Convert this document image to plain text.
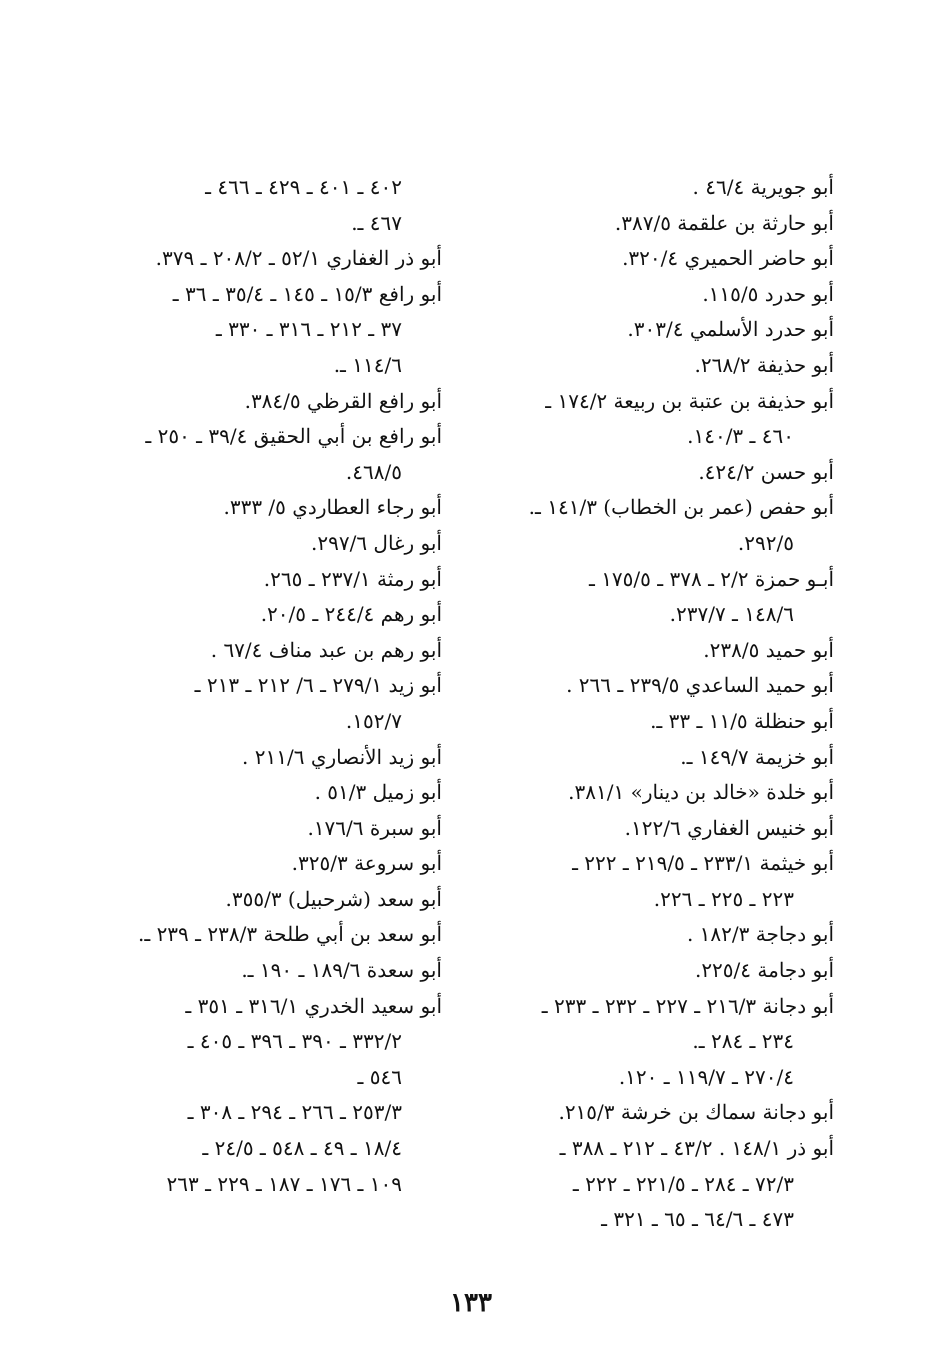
أبو جويرية ٤٦/٤ .
أبو حارثة بن علقمة ٣٨٧/٥.
أبو حاضر الحميري ٣٢٠/٤.
أبو حدرد ١١٥/٥.
أبو حدرد الأسلمي ٣٠٣/٤.
أبو حذيفة ٢٦٨/٢.
أبو حذيفة بن عتبة بن ربيعة ١٧٤/٢ ـ
٤٦٠ ـ ١٤٠/٣.
أبو حسن ٤٢٤/٢.
أبو حفص (عمر بن الخطاب) ١٤١/٣ ـ.
٢٩٢/٥.
أبـو حمزة ٢/٢ ـ ٣٧٨ ـ ١٧٥/٥ ـ
١٤٨/٦ ـ ٢٣٧/٧.
أبو حميد ٢٣٨/٥.
أبو حميد الساعدي ٢٣٩/٥ ـ ٢٦٦ .
أبو حنظلة ١١/٥ ـ ٣٣ ـ.
أبو خزيمة ١٤٩/٧ ـ.
أبو خلدة «خالد بن دينار» ٣٨١/١.
أبو خنيس الغفاري ١٢٢/٦.
أبو خيثمة ٢٣٣/١ ـ ٢١٩/٥ ـ ٢٢٢ ـ
٢٢٣ ـ ٢٢٥ ـ ٢٢٦.
أبو دجاجة ١٨٢/٣ .
أبو دجامة ٢٢٥/٤.
أبو دجانة ٢١٦/٣ ـ ٢٢٧ ـ ٢٣٢ ـ ٢٣٣ ـ
٢٣٤ ـ ٢٨٤ ـ.
٢٧٠/٤ ـ ١١٩/٧ ـ ١٢٠.
أبو دجانة سماك بن خرشة ٢١٥/٣.
أبو ذر ١٤٨/١ . ٤٣/٢ ـ ٢١٢ ـ ٣٨٨ ـ
٧٢/٣ ـ ٢٨٤ ـ ٢٢١/٥ ـ ٢٢٢ ـ
٤٧٣ ـ ٦٤/٦ ـ ٦٥ ـ ٣٢١ ـ
٤٠٢ ـ ٤٠١ ـ ٤٢٩ ـ ٤٦٦ ـ
٤٦٧ ـ.
أبو ذر الغفاري ٥٢/١ ـ ٢٠٨/٢ ـ ٣٧٩.
أبو رافع ١٥/٣ ـ ١٤٥ ـ ٣٥/٤ ـ ٣٦ ـ
٣٧ ـ ٢١٢ ـ ٣١٦ ـ ٣٣٠ ـ
١١٤/٦ ـ.
أبو رافع القرظي ٣٨٤/٥.
أبو رافع بن أبي الحقيق ٣٩/٤ ـ ٢٥٠ ـ
٤٦٨/٥.
أبو رجاء العطاردي ٥/ ٣٣٣.
أبو رغال ٢٩٧/٦.
أبو رمثة ٢٣٧/١ ـ ٢٦٥.
أبو رهم ٢٤٤/٤ ـ ٢٠/٥.
أبو رهم بن عبد مناف ٦٧/٤ .
أبو زيد ٢٧٩/١ ـ ٦/ ٢١٢ ـ ٢١٣ ـ
١٥٢/٧.
أبو زيد الأنصاري ٢١١/٦ .
أبو زميل ٥١/٣ .
أبو سبرة ١٧٦/٦.
أبو سروعة ٣٢٥/٣.
أبو سعد (شرحبيل) ٣٥٥/٣.
أبو سعد بن أبي طلحة ٢٣٨/٣ ـ ٢٣٩ ـ.
أبو سعدة ١٨٩/٦ ـ ١٩٠ ـ.
أبو سعيد الخدري ٣١٦/١ ـ ٣٥١ ـ
٣٣٢/٢ ـ ٣٩٠ ـ ٣٩٦ ـ ٤٠٥ ـ
٥٤٦ ـ
٢٥٣/٣ ـ ٢٦٦ ـ ٢٩٤ ـ ٣٠٨ ـ
١٨/٤ ـ ٤٩ ـ ٥٤٨ ـ ٢٤/٥ ـ
١٠٩ ـ ١٧٦ ـ ١٨٧ ـ ٢٢٩ ـ ٢٦٣
١٣٣
